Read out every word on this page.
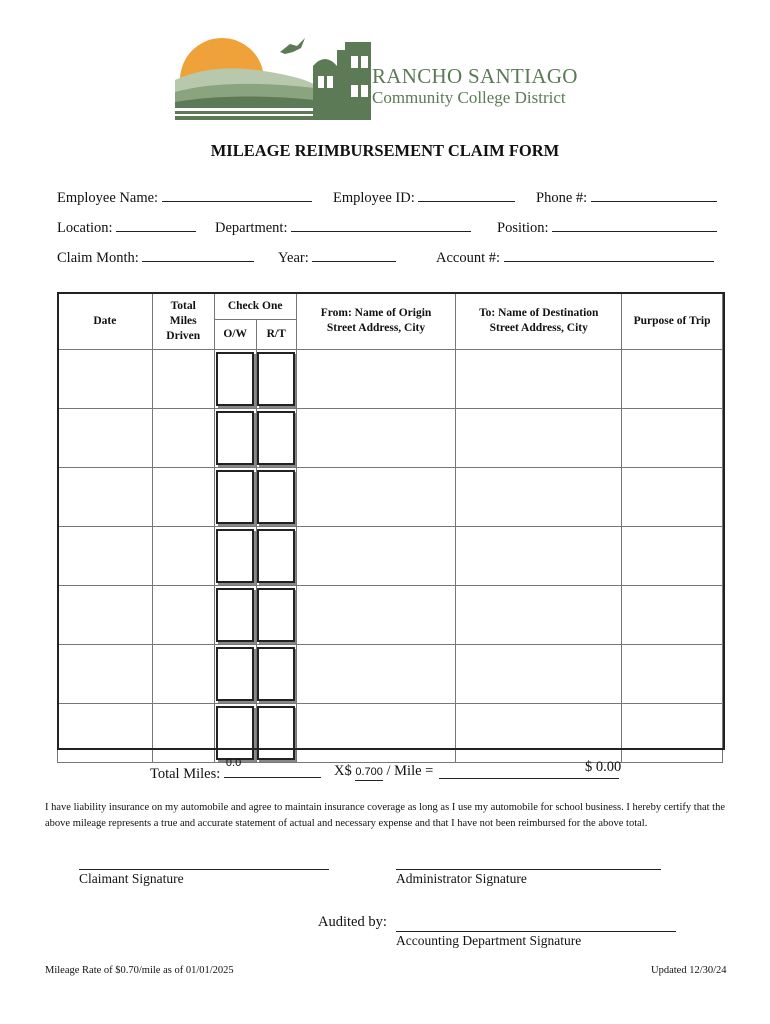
RANCHO SANTIAGO
Community College District
MILEAGE REIMBURSEMENT CLAIM FORM
Employee Name:	Employee ID:	Phone #:
Location:	Department:	Position:
Claim Month:	Year:	Account #:
Date	Total Miles Driven	Check One		From: Name of Origin Street Address, City	To: Name of Destination Street Address, City	Purpose of Trip
		O/W	R/T			

Total Miles:
0.0	X$ 0.700 / Mile =	$ 0.00
I have liability insurance on my automobile and agree to maintain insurance coverage as long as I use my automobile for school business. I hereby certify that the above mileage represents a true and accurate statement of actual and necessary expense and that I have not been reimbursed for the above total.
Claimant Signature	Administrator Signature
Audited by:
Accounting Department Signature
Mileage Rate of $0.70/mile as of 01/01/2025	Updated 12/30/24
